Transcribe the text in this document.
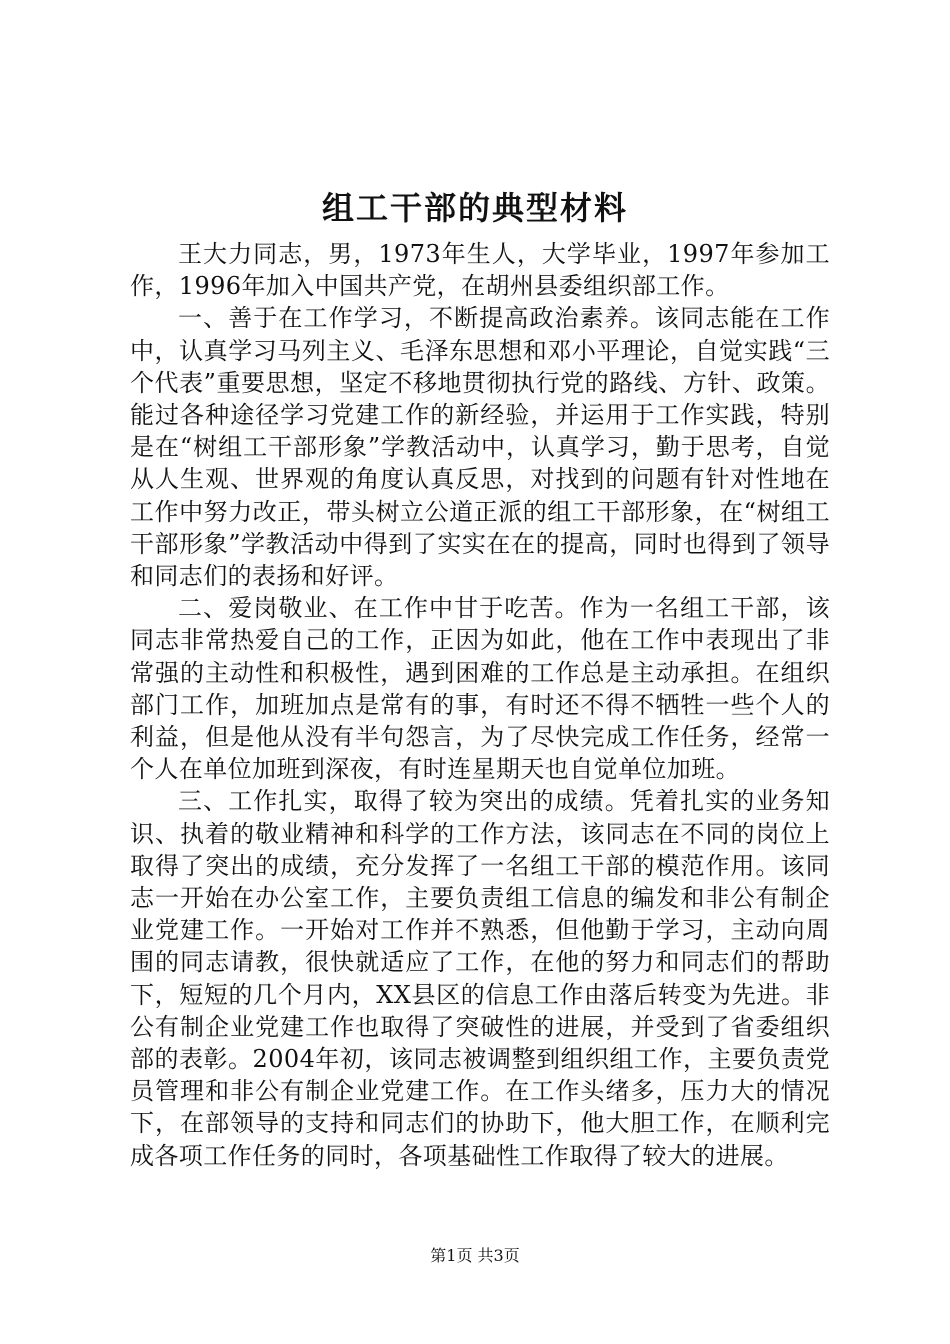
组工干部的典型材料

王大力同志，男，1973年生人，大学毕业，1997年参加工作，1996年加入中国共产党，在胡州县委组织部工作。

一、善于在工作学习，不断提高政治素养。该同志能在工作中，认真学习马列主义、毛泽东思想和邓小平理论，自觉实践“三个代表”重要思想，坚定不移地贯彻执行党的路线、方针、政策。能过各种途径学习党建工作的新经验，并运用于工作实践，特别是在“树组工干部形象”学教活动中，认真学习，勤于思考，自觉从人生观、世界观的角度认真反思，对找到的问题有针对性地在工作中努力改正，带头树立公道正派的组工干部形象，在“树组工干部形象”学教活动中得到了实实在在的提高，同时也得到了领导和同志们的表扬和好评。

二、爱岗敬业、在工作中甘于吃苦。作为一名组工干部，该同志非常热爱自己的工作，正因为如此，他在工作中表现出了非常强的主动性和积极性，遇到困难的工作总是主动承担。在组织部门工作，加班加点是常有的事，有时还不得不牺牲一些个人的利益，但是他从没有半句怨言，为了尽快完成工作任务，经常一个人在单位加班到深夜，有时连星期天也自觉单位加班。

三、工作扎实，取得了较为突出的成绩。凭着扎实的业务知识、执着的敬业精神和科学的工作方法，该同志在不同的岗位上取得了突出的成绩，充分发挥了一名组工干部的模范作用。该同志一开始在办公室工作，主要负责组工信息的编发和非公有制企业党建工作。一开始对工作并不熟悉，但他勤于学习，主动向周围的同志请教，很快就适应了工作，在他的努力和同志们的帮助下，短短的几个月内，XX县区的信息工作由落后转变为先进。非公有制企业党建工作也取得了突破性的进展，并受到了省委组织部的表彰。2004年初，该同志被调整到组织组工作，主要负责党员管理和非公有制企业党建工作。在工作头绪多，压力大的情况下，在部领导的支持和同志们的协助下，他大胆工作，在顺利完成各项工作任务的同时，各项基础性工作取得了较大的进展。

第1页 共3页
